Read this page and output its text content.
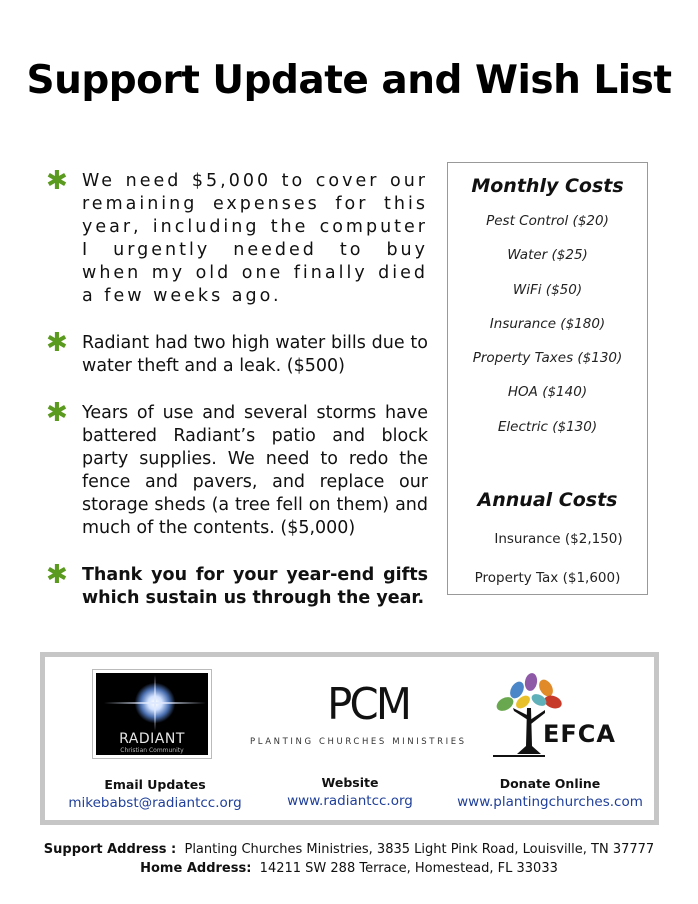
Support Update and Wish List
✱ We need $5,000 to cover our remaining expenses for this year, including the computer I urgently needed to buy when my old one finally died a few weeks ago.
✱ Radiant had two high water bills due to water theft and a leak. ($500)
✱ Years of use and several storms have battered Radiant’s patio and block party supplies. We need to redo the fence and pavers, and replace our storage sheds (a tree fell on them) and much of the contents. ($5,000)
✱ Thank you for your year-end gifts which sustain us through the year.
Monthly Costs
Pest Control ($20)
Water ($25)
WiFi ($50)
Insurance ($180)
Property Taxes ($130)
HOA ($140)
Electric ($130)
Annual Costs
Insurance ($2,150)
Property Tax ($1,600)
RADIANT
Christian Community
PCM
PLANTING CHURCHES MINISTRIES	EFCA
Email Updates
mikebabst@radiantcc.org
Website
www.radiantcc.org
Donate Online
www.plantingchurches.com
Support Address : Planting Churches Ministries, 3835 Light Pink Road, Louisville, TN 37777
Home Address: 14211 SW 288 Terrace, Homestead, FL 33033
